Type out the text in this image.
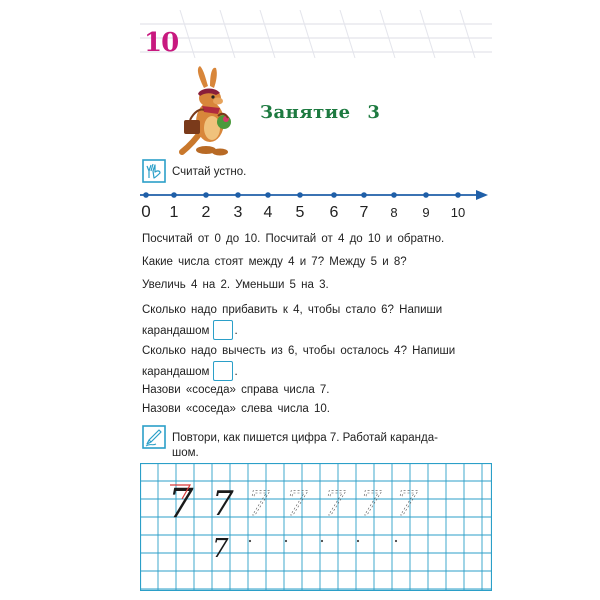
10
Занятие 3
Считай устно.
0 1 2 3 4 5 6 7 8 9 10
Посчитай от 0 до 10. Посчитай от 4 до 10 и обратно.
Какие числа стоят между 4 и 7? Между 5 и 8?
Увеличь 4 на 2. Уменьши 5 на 3.
Сколько надо прибавить к 4, чтобы стало 6? Напиши
карандашом .
Сколько надо вычесть из 6, чтобы осталось 4? Напиши
карандашом .
Назови «соседа» справа числа 7.
Назови «соседа» слева числа 10.
Повтори, как пишется цифра 7. Работай каранда-
шом.
7 7 7 7 7 7 7
7
